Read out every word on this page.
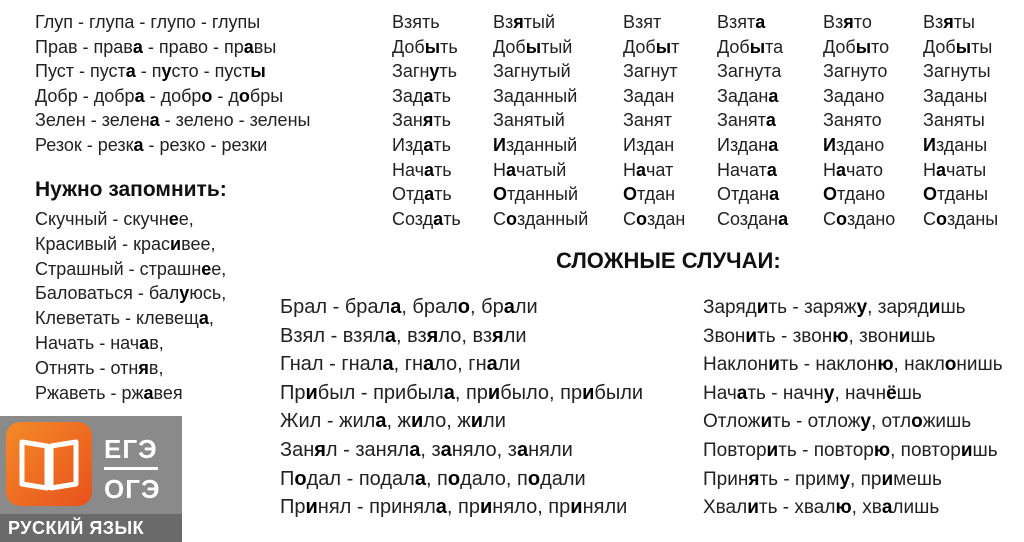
Нужно запомнить:
СЛОЖНЫЕ СЛУЧАИ:
Глуп - глупа - глупо - глупы
Прав - права - право - правы
Пуст - пуста - пусто - пусты
Добр - добра - добро - добры
Зелен - зелена - зелено - зелены
Резок - резка - резко - резки
Скучный - скучнее,
Красивый - красивее,
Страшный - страшнее,
Баловаться - балуюсь,
Клеветать - клевеща,
Начать - начав,
Отнять - отняв,
Ржаветь - ржавея
Взять	Взятый	Взят	Взята	Взято	Взяты
Добыть Добытый	Добыт Добыта Добыто Добыты
Загнуть Загнутый	Загнут Загнута Загнуто Загнуты
Задать Заданный	Задан Задана Задано Заданы
Занять Занятый	Занят	Занята	Занято Заняты
Издать Изданный	Издан Издана Издано Изданы
Начать Начатый	Начат Начата	Начато Начаты
Отдать Отданный Отдан Отдана Отдано Отданы
Создать Созданный Создан Создана Создано Созданы
Брал - брала, брало, брали
Взял - взяла, взяло, взяли
Гнал - гнала, гнало, гнали
Прибыл - прибыла, прибыло, прибыли
Жил - жила, жило, жили
Занял - заняла, заняло, заняли
Подал - подала, подало, подали
Принял - приняла, приняло, приняли
Зарядить - заряжу, зарядишь
Звонить - звоню, звонишь
Наклонить - наклоню, наклонишь
Начать - начну, начнёшь
Отложить - отложу, отложишь
Повторить - повторю, повторишь
Принять - приму, примешь
Хвалить - хвалю, хвалишь
ЕГЭ
ОГЭ
РУСКИЙ ЯЗЫК
